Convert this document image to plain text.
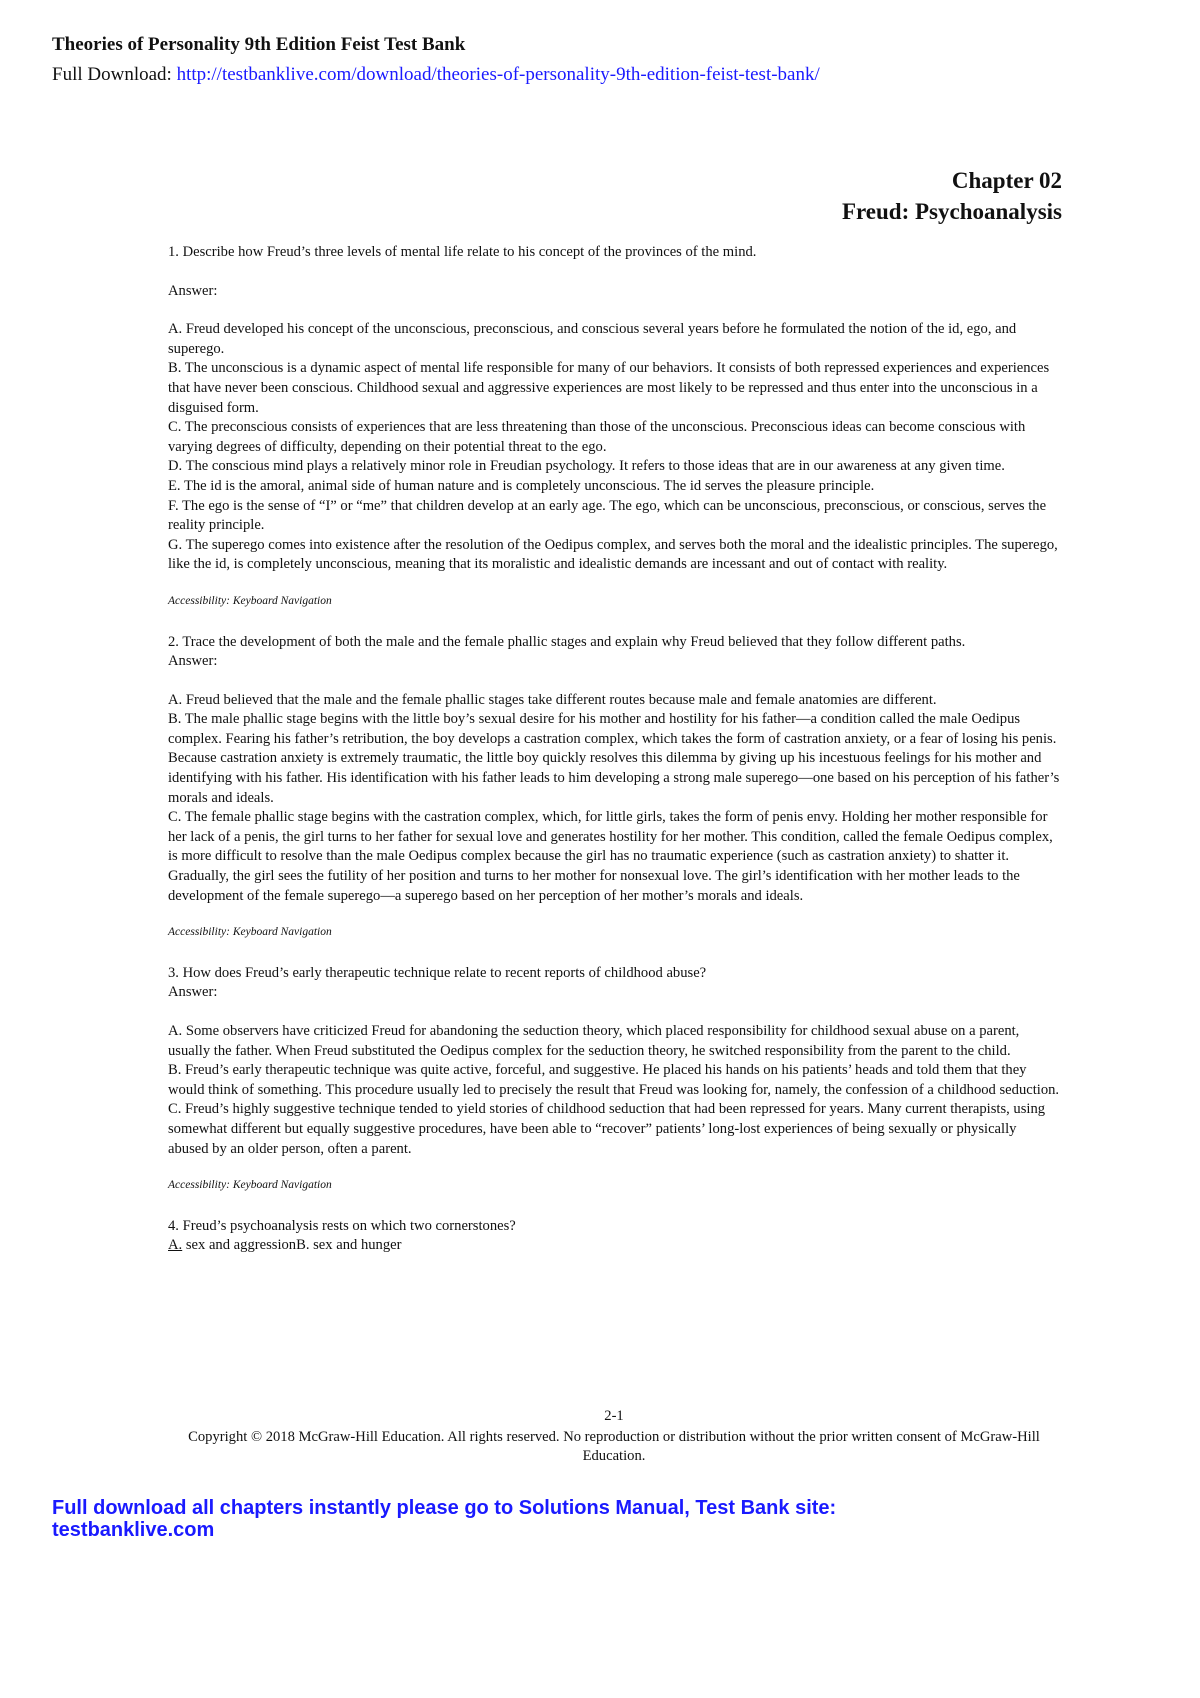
Theories of Personality 9th Edition Feist Test Bank

Full Download: http://testbanklive.com/download/theories-of-personality-9th-edition-feist-test-bank/

Chapter 02
Freud: Psychoanalysis

1. Describe how Freud’s three levels of mental life relate to his concept of the provinces of the mind.

Answer:

A. Freud developed his concept of the unconscious, preconscious, and conscious several years before he formulated the notion of the id, ego, and superego.

B. The unconscious is a dynamic aspect of mental life responsible for many of our behaviors. It consists of both repressed experiences and experiences that have never been conscious. Childhood sexual and aggressive experiences are most likely to be repressed and thus enter into the unconscious in a disguised form.

C. The preconscious consists of experiences that are less threatening than those of the unconscious. Preconscious ideas can become conscious with varying degrees of difficulty, depending on their potential threat to the ego.

D. The conscious mind plays a relatively minor role in Freudian psychology. It refers to those ideas that are in our awareness at any given time.

E. The id is the amoral, animal side of human nature and is completely unconscious. The id serves the pleasure principle.

F. The ego is the sense of “I” or “me” that children develop at an early age. The ego, which can be unconscious, preconscious, or conscious, serves the reality principle.

G. The superego comes into existence after the resolution of the Oedipus complex, and serves both the moral and the idealistic principles. The superego, like the id, is completely unconscious, meaning that its moralistic and idealistic demands are incessant and out of contact with reality.

Accessibility: Keyboard Navigation

2. Trace the development of both the male and the female phallic stages and explain why Freud believed that they follow different paths.

Answer:

A. Freud believed that the male and the female phallic stages take different routes because male and female anatomies are different.

B. The male phallic stage begins with the little boy’s sexual desire for his mother and hostility for his father—a condition called the male Oedipus complex. Fearing his father’s retribution, the boy develops a castration complex, which takes the form of castration anxiety, or a fear of losing his penis. Because castration anxiety is extremely traumatic, the little boy quickly resolves this dilemma by giving up his incestuous feelings for his mother and identifying with his father. His identification with his father leads to him developing a strong male superego—one based on his perception of his father’s morals and ideals.

C. The female phallic stage begins with the castration complex, which, for little girls, takes the form of penis envy. Holding her mother responsible for her lack of a penis, the girl turns to her father for sexual love and generates hostility for her mother. This condition, called the female Oedipus complex, is more difficult to resolve than the male Oedipus complex because the girl has no traumatic experience (such as castration anxiety) to shatter it. Gradually, the girl sees the futility of her position and turns to her mother for nonsexual love. The girl’s identification with her mother leads to the development of the female superego—a superego based on her perception of her mother’s morals and ideals.

Accessibility: Keyboard Navigation

3. How does Freud’s early therapeutic technique relate to recent reports of childhood abuse?

Answer:

A. Some observers have criticized Freud for abandoning the seduction theory, which placed responsibility for childhood sexual abuse on a parent, usually the father. When Freud substituted the Oedipus complex for the seduction theory, he switched responsibility from the parent to the child.

B. Freud’s early therapeutic technique was quite active, forceful, and suggestive. He placed his hands on his patients’ heads and told them that they would think of something. This procedure usually led to precisely the result that Freud was looking for, namely, the confession of a childhood seduction.

C. Freud’s highly suggestive technique tended to yield stories of childhood seduction that had been repressed for years. Many current therapists, using somewhat different but equally suggestive procedures, have been able to “recover” patients’ long-lost experiences of being sexually or physically abused by an older person, often a parent.

Accessibility: Keyboard Navigation

4. Freud’s psychoanalysis rests on which two cornerstones?

A. sex and aggressionB. sex and hunger

2-1

Copyright © 2018 McGraw-Hill Education. All rights reserved. No reproduction or distribution without the prior written consent of McGraw-Hill Education.

Full download all chapters instantly please go to Solutions Manual, Test Bank site: testbanklive.com
